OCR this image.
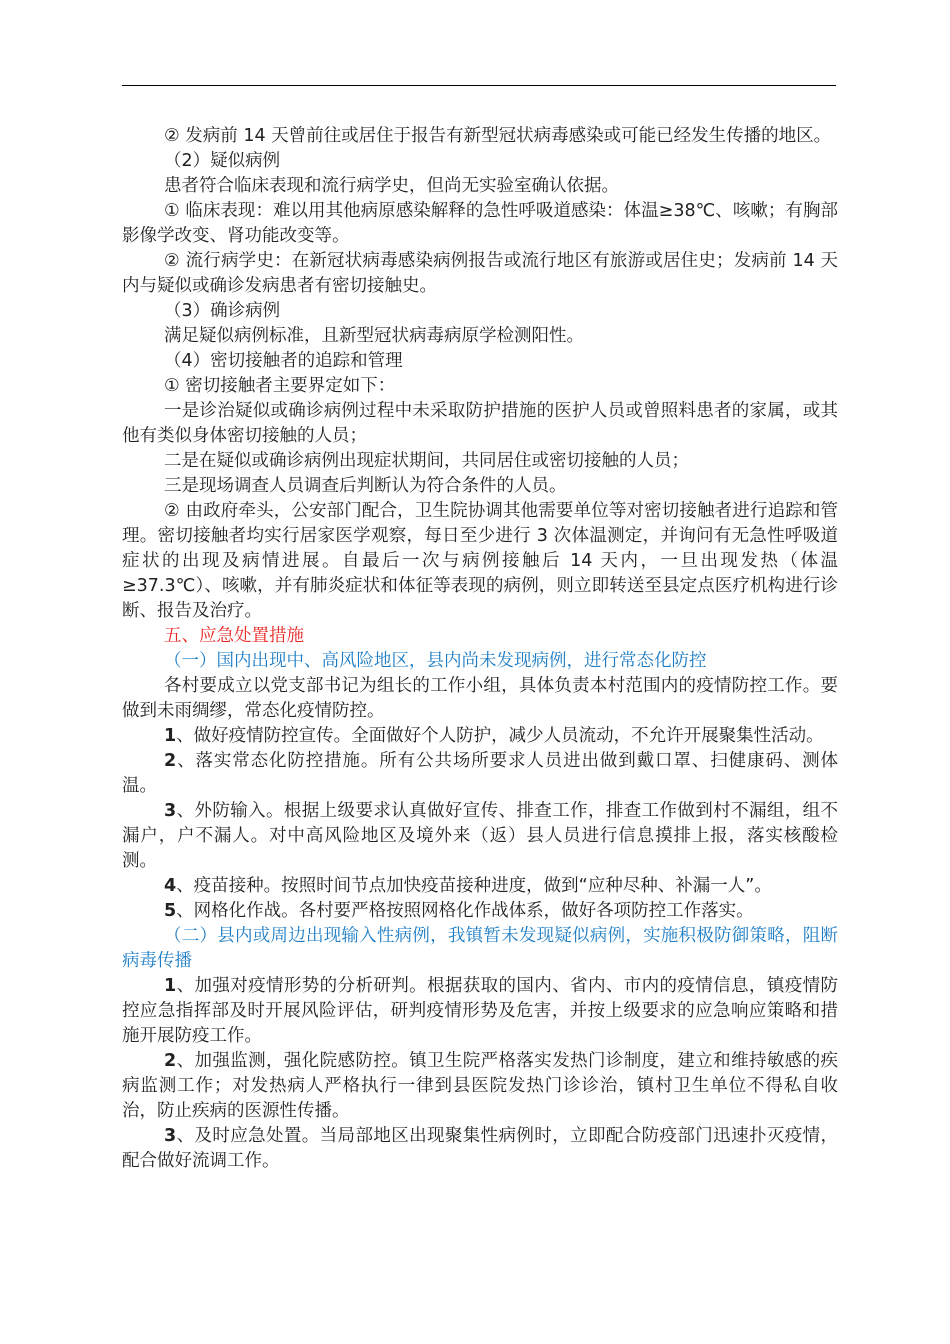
② 发病前 14 天曾前往或居住于报告有新型冠状病毒感染或可能已经发生传播的地区。

（2）疑似病例

患者符合临床表现和流行病学史，但尚无实验室确认依据。

① 临床表现：难以用其他病原感染解释的急性呼吸道感染：体温≥38℃、咳嗽；有胸部影像学改变、肾功能改变等。

② 流行病学史：在新冠状病毒感染病例报告或流行地区有旅游或居住史；发病前 14 天内与疑似或确诊发病患者有密切接触史。

（3）确诊病例

满足疑似病例标准，且新型冠状病毒病原学检测阳性。

（4）密切接触者的追踪和管理

① 密切接触者主要界定如下：

一是诊治疑似或确诊病例过程中未采取防护措施的医护人员或曾照料患者的家属，或其他有类似身体密切接触的人员；

二是在疑似或确诊病例出现症状期间，共同居住或密切接触的人员；

三是现场调查人员调查后判断认为符合条件的人员。

② 由政府牵头，公安部门配合，卫生院协调其他需要单位等对密切接触者进行追踪和管理。密切接触者均实行居家医学观察，每日至少进行 3 次体温测定，并询问有无急性呼吸道症状的出现及病情进展。自最后一次与病例接触后 14 天内，一旦出现发热（体温≥37.3℃）、咳嗽，并有肺炎症状和体征等表现的病例，则立即转送至县定点医疗机构进行诊断、报告及治疗。

五、应急处置措施

（一）国内出现中、高风险地区，县内尚未发现病例，进行常态化防控

各村要成立以党支部书记为组长的工作小组，具体负责本村范围内的疫情防控工作。要做到未雨绸缪，常态化疫情防控。

1、做好疫情防控宣传。全面做好个人防护，减少人员流动，不允许开展聚集性活动。

2、落实常态化防控措施。所有公共场所要求人员进出做到戴口罩、扫健康码、测体温。

3、外防输入。根据上级要求认真做好宣传、排查工作，排查工作做到村不漏组，组不漏户，户不漏人。对中高风险地区及境外来（返）县人员进行信息摸排上报，落实核酸检测。

4、疫苗接种。按照时间节点加快疫苗接种进度，做到“应种尽种、补漏一人”。

5、网格化作战。各村要严格按照网格化作战体系，做好各项防控工作落实。

（二）县内或周边出现输入性病例，我镇暂未发现疑似病例，实施积极防御策略，阻断病毒传播

1、加强对疫情形势的分析研判。根据获取的国内、省内、市内的疫情信息，镇疫情防控应急指挥部及时开展风险评估，研判疫情形势及危害，并按上级要求的应急响应策略和措施开展防疫工作。

2、加强监测，强化院感防控。镇卫生院严格落实发热门诊制度，建立和维持敏感的疾病监测工作；对发热病人严格执行一律到县医院发热门诊诊治，镇村卫生单位不得私自收治，防止疾病的医源性传播。

3、及时应急处置。当局部地区出现聚集性病例时，立即配合防疫部门迅速扑灭疫情，配合做好流调工作。
